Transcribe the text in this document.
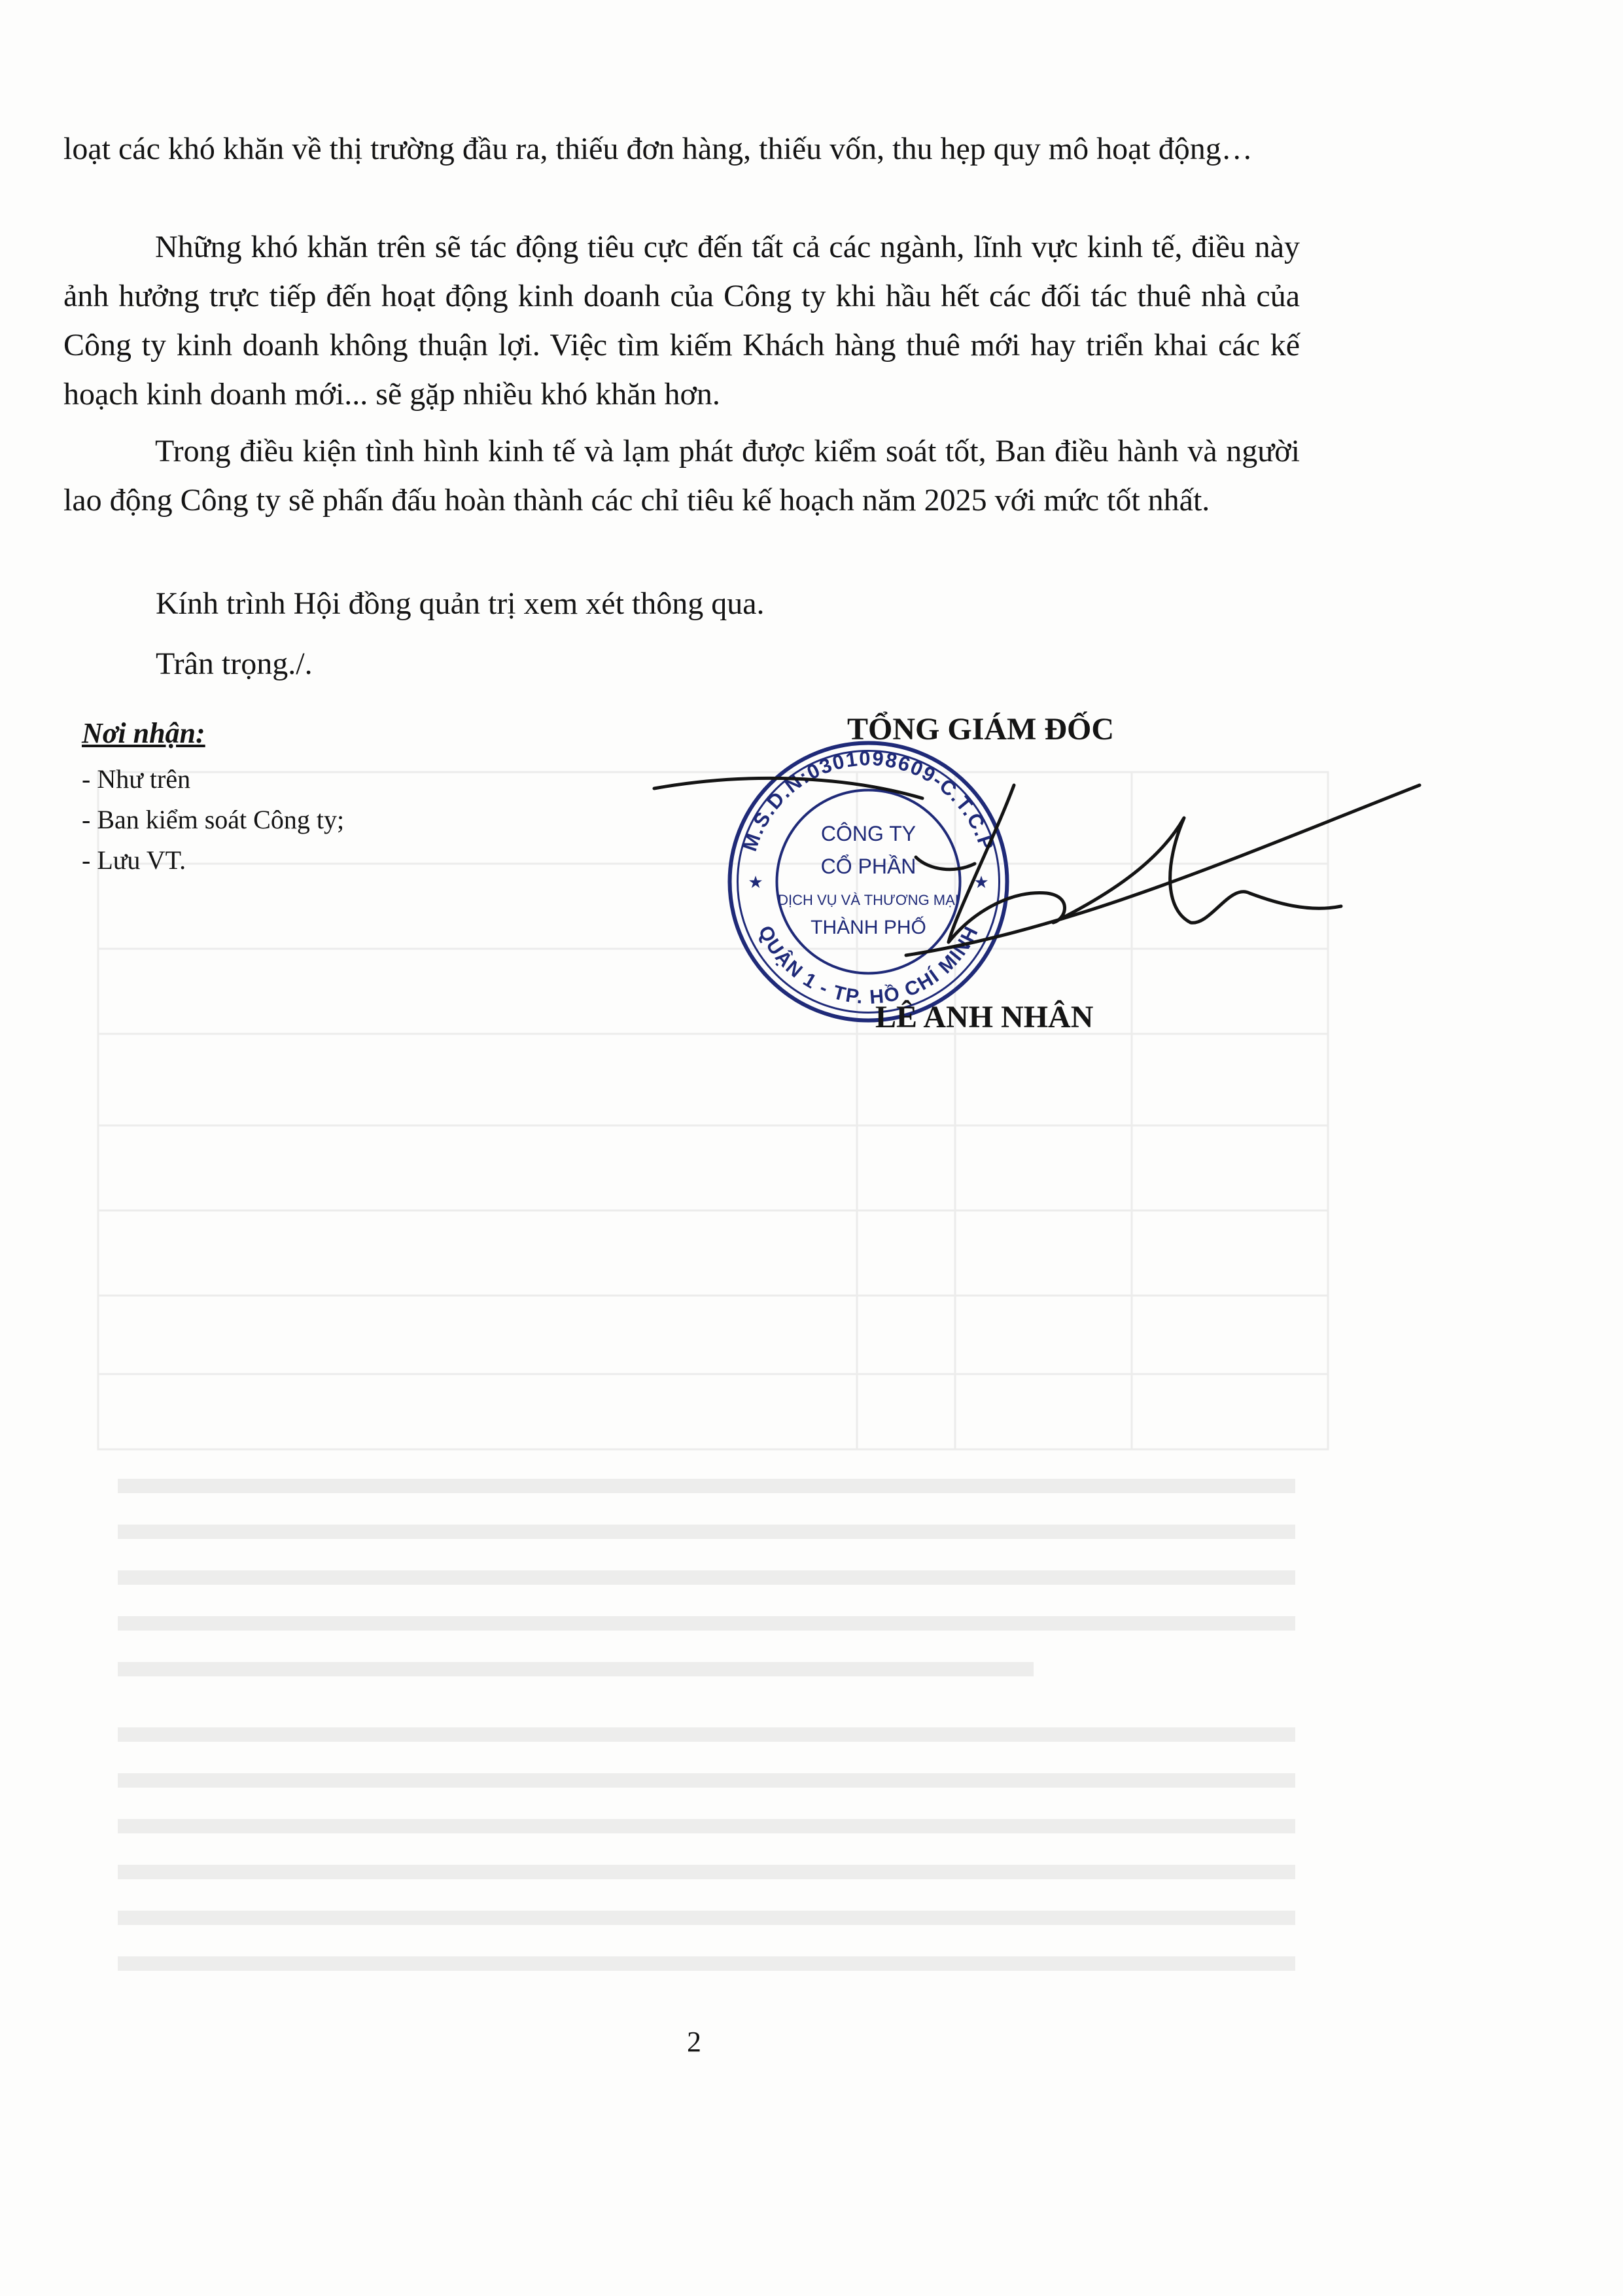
loạt các khó khăn về thị trường đầu ra, thiếu đơn hàng, thiếu vốn, thu hẹp quy mô hoạt động…

Những khó khăn trên sẽ tác động tiêu cực đến tất cả các ngành, lĩnh vực kinh tế, điều này ảnh hưởng trực tiếp đến hoạt động kinh doanh của Công ty khi hầu hết các đối tác thuê nhà của Công ty kinh doanh không thuận lợi. Việc tìm kiếm Khách hàng thuê mới hay triển khai các kế hoạch kinh doanh mới... sẽ gặp nhiều khó khăn hơn.

Trong điều kiện tình hình kinh tế và lạm phát được kiểm soát tốt, Ban điều hành và người lao động Công ty sẽ phấn đấu hoàn thành các chỉ tiêu kế hoạch năm 2025 với mức tốt nhất.

Kính trình Hội đồng quản trị xem xét thông qua.

Trân trọng./.

Nơi nhận:
- Như trên
- Ban kiểm soát Công ty;
- Lưu VT.
TỔNG GIÁM ĐỐC
M.S.D.N:0301098609-C.T.C.P
QUẬN 1 - TP. HỒ CHÍ MINH
★	★
CÔNG TY
CỔ PHẦN
DỊCH VỤ VÀ THƯƠNG MẠI
THÀNH PHỐ
LÊ ANH NHÂN
2
